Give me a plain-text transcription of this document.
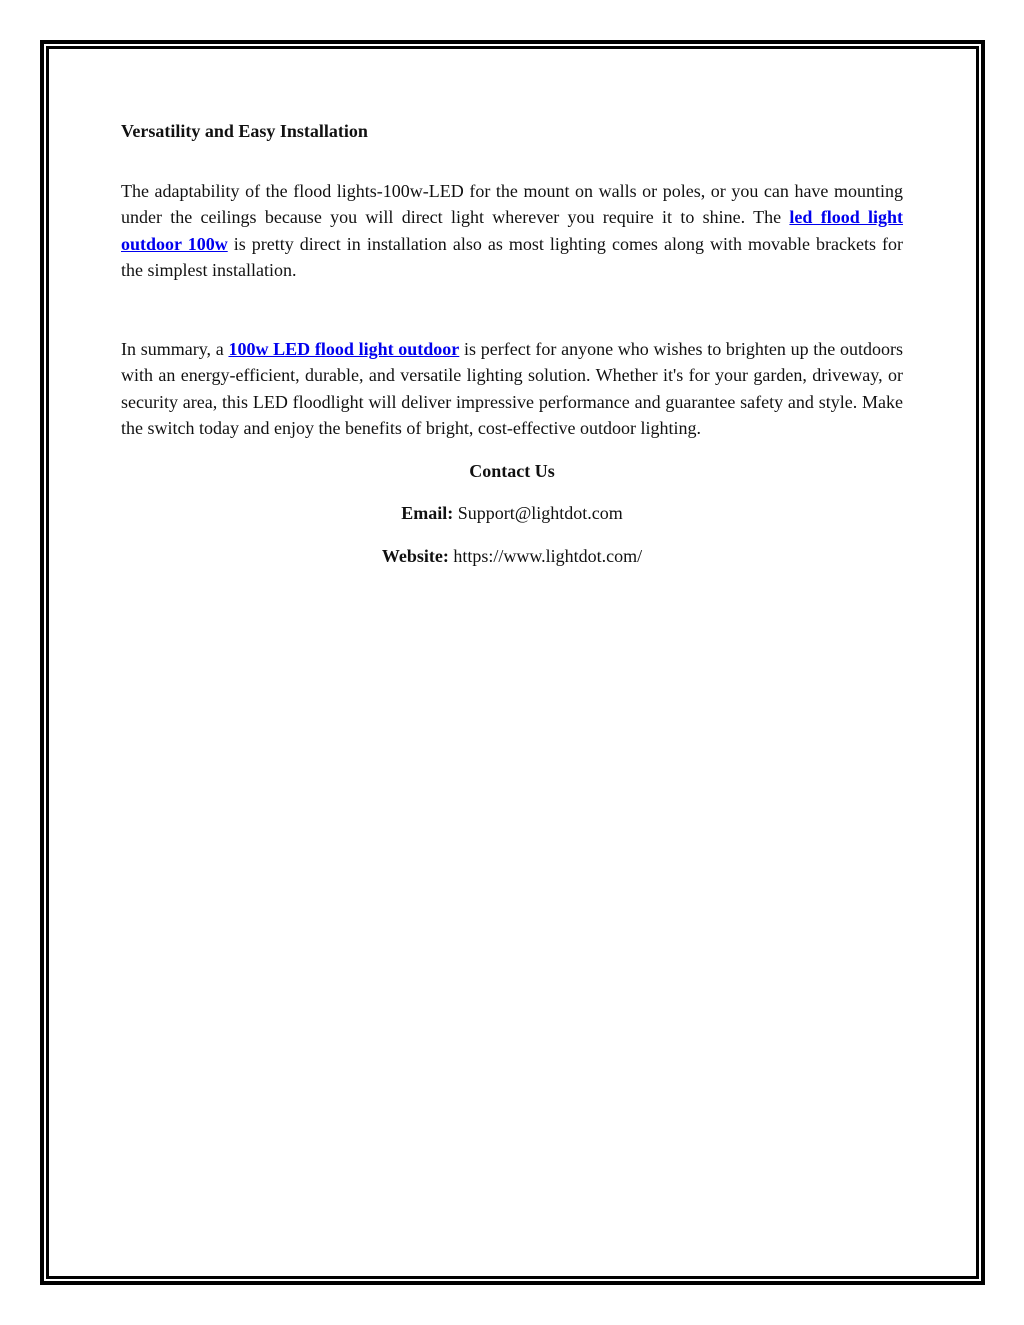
Versatility and Easy Installation

The adaptability of the flood lights-100w-LED for the mount on walls or poles, or you can have mounting under the ceilings because you will direct light wherever you require it to shine. The led flood light outdoor 100w is pretty direct in installation also as most lighting comes along with movable brackets for the simplest installation.

In summary, a 100w LED flood light outdoor is perfect for anyone who wishes to brighten up the outdoors with an energy-efficient, durable, and versatile lighting solution. Whether it's for your garden, driveway, or security area, this LED floodlight will deliver impressive performance and guarantee safety and style. Make the switch today and enjoy the benefits of bright, cost-effective outdoor lighting.

Contact Us
Email: Support@lightdot.com
Website: https://www.lightdot.com/
